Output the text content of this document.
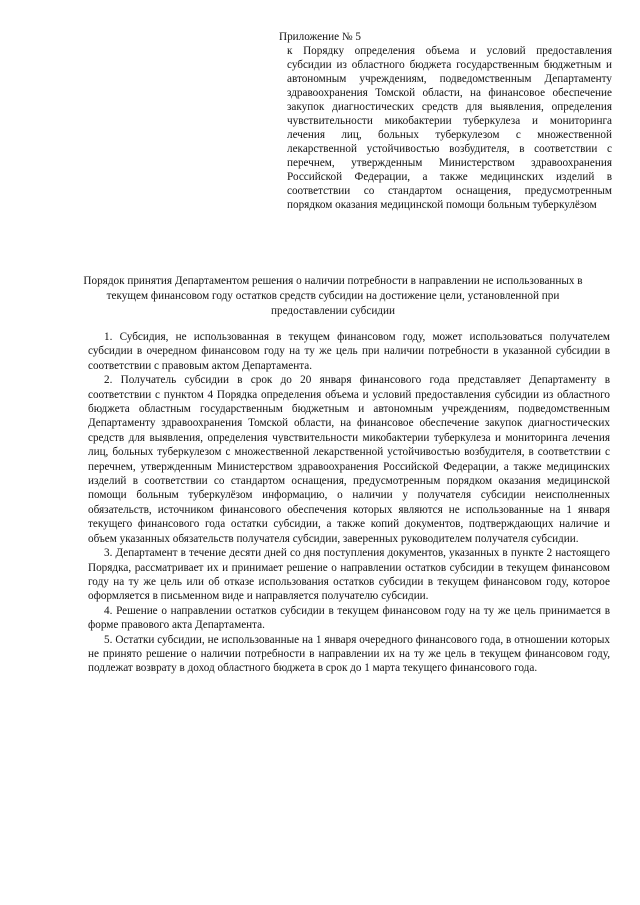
Приложение № 5
к Порядку определения объема и условий предоставления субсидии из областного бюджета государственным бюджетным и автономным учреждениям, подведомственным Департаменту здравоохранения Томской области, на финансовое обеспечение закупок диагностических средств для выявления, определения чувствительности микобактерии туберкулеза и мониторинга лечения лиц, больных туберкулезом с множественной лекарственной устойчивостью возбудителя, в соответствии с перечнем, утвержденным Министерством здравоохранения Российской Федерации, а также медицинских изделий в соответствии со стандартом оснащения, предусмотренным порядком оказания медицинской помощи больным туберкулёзом
Порядок принятия Департаментом решения о наличии потребности в направлении не использованных в текущем финансовом году остатков средств субсидии на достижение цели, установленной при предоставлении субсидии

1. Субсидия, не использованная в текущем финансовом году, может использоваться получателем субсидии в очередном финансовом году на ту же цель при наличии потребности в указанной субсидии в соответствии с правовым актом Департамента.

2. Получатель субсидии в срок до 20 января финансового года представляет Департаменту в соответствии с пунктом 4 Порядка определения объема и условий предоставления субсидии из областного бюджета областным государственным бюджетным и автономным учреждениям, подведомственным Департаменту здравоохранения Томской области, на финансовое обеспечение закупок диагностических средств для выявления, определения чувствительности микобактерии туберкулеза и мониторинга лечения лиц, больных туберкулезом с множественной лекарственной устойчивостью возбудителя, в соответствии с перечнем, утвержденным Министерством здравоохранения Российской Федерации, а также медицинских изделий в соответствии со стандартом оснащения, предусмотренным порядком оказания медицинской помощи больным туберкулёзом информацию, о наличии у получателя субсидии неисполненных обязательств, источником финансового обеспечения которых являются не использованные на 1 января текущего финансового года остатки субсидии, а также копий документов, подтверждающих наличие и объем указанных обязательств получателя субсидии, заверенных руководителем получателя субсидии.

3. Департамент в течение десяти дней со дня поступления документов, указанных в пункте 2 настоящего Порядка, рассматривает их и принимает решение о направлении остатков субсидии в текущем финансовом году на ту же цель или об отказе использования остатков субсидии в текущем финансовом году, которое оформляется в письменном виде и направляется получателю субсидии.

4. Решение о направлении остатков субсидии в текущем финансовом году на ту же цель принимается в форме правового акта Департамента.

5. Остатки субсидии, не использованные на 1 января очередного финансового года, в отношении которых не принято решение о наличии потребности в направлении их на ту же цель в текущем финансовом году, подлежат возврату в доход областного бюджета в срок до 1 марта текущего финансового года.
